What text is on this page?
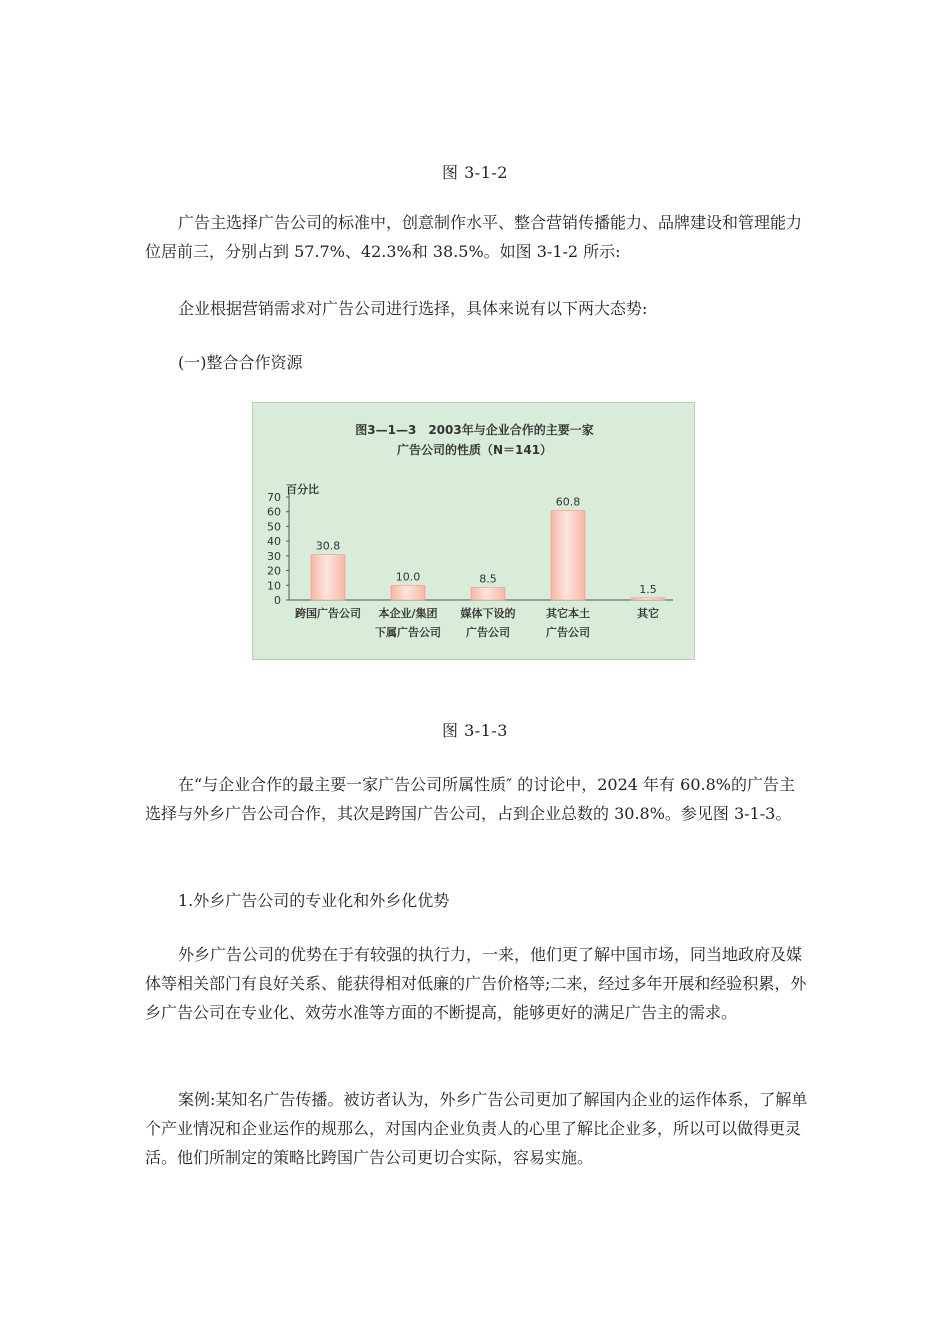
图 3-1-2

广告主选择广告公司的标准中，创意制作水平、整合营销传播能力、品牌建设和管理能力位居前三，分别占到 57.7%、42.3%和 38.5%。如图 3-1-2 所示:

企业根据营销需求对广告公司进行选择，具体来说有以下两大态势:

(一)整合合作资源

图3—1—3　2003年与企业合作的主要一家
广告公司的性质（N＝141）
百分比
0
10
20
30
40
50
60
70
30.8
跨国广告公司
10.0
本企业/集团
下属广告公司
8.5
媒体下设的
广告公司
60.8
其它本土
广告公司
1.5
其它
图 3-1-3

在“与企业合作的最主要一家广告公司所属性质″ 的讨论中，2024 年有 60.8%的广告主选择与外乡广告公司合作，其次是跨国广告公司，占到企业总数的 30.8%。参见图 3-1-3。

1.外乡广告公司的专业化和外乡化优势

外乡广告公司的优势在于有较强的执行力，一来，他们更了解中国市场，同当地政府及媒体等相关部门有良好关系、能获得相对低廉的广告价格等;二来，经过多年开展和经验积累，外乡广告公司在专业化、效劳水准等方面的不断提高，能够更好的满足广告主的需求。

案例:某知名广告传播。被访者认为，外乡广告公司更加了解国内企业的运作体系，了解单个产业情况和企业运作的规那么，对国内企业负责人的心里了解比企业多，所以可以做得更灵活。他们所制定的策略比跨国广告公司更切合实际，容易实施。
